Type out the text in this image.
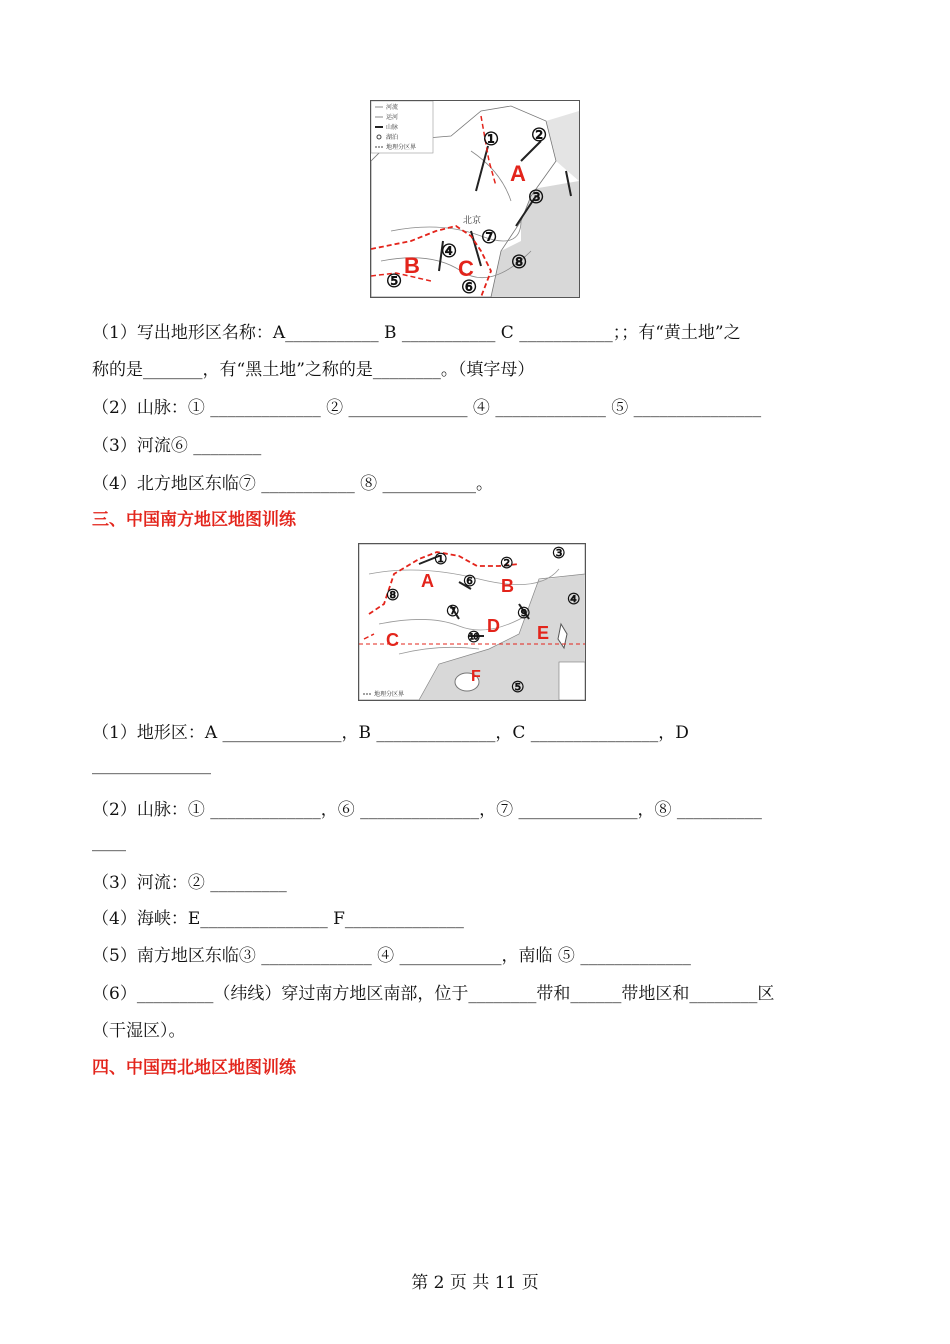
河流
运河
山脉
湖泊
地理分区界
北京
A
B C
① ②
③
④
⑤	⑥
⑦
⑧
（1）写出地形区名称：A___________ B ___________ C ___________；；有“黄土地”之
称的是_______，有“黑土地”之称的是________。（填字母）
（2）山脉：① _____________ ② ______________ ④ _____________ ⑤ _______________
（3）河流⑥ ________
（4）北方地区东临⑦ ___________ ⑧ ___________。
三、中国南方地区地图训练
地理分区界
A	B
C
D E
F
①	②
③
④
⑤
⑥
⑦
⑧
⑨
⑩
（1）地形区：A ______________，B ______________，C _______________，D
______________
（2）山脉：① _____________，⑥ ______________，⑦ ______________，⑧ __________
____
（3）河流：② _________
（4）海峡：E_______________ F______________
（5）南方地区东临③ _____________ ④ ____________，南临 ⑤ _____________
（6）_________（纬线）穿过南方地区南部，位于________带和______带地区和________区
（干湿区）。
四、中国西北地区地图训练
第 2 页 共 11 页
